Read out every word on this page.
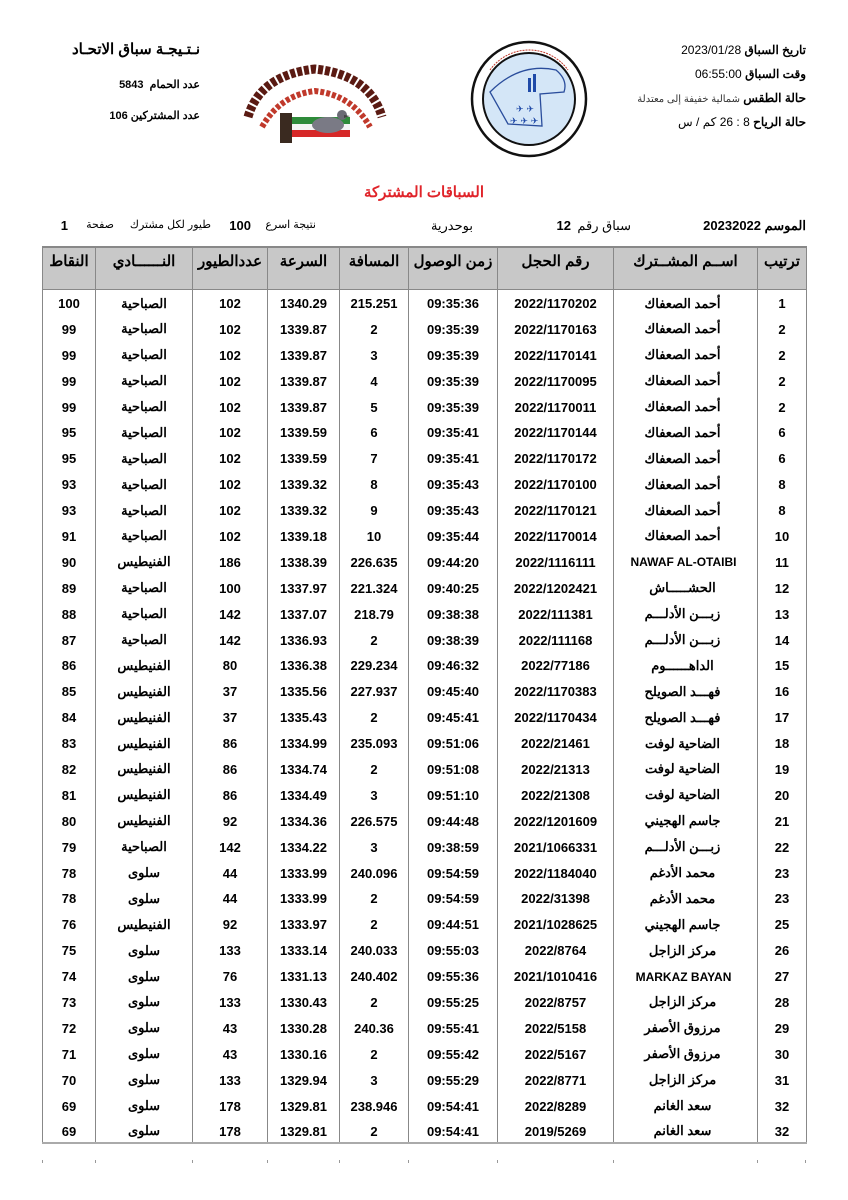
نـتـيجـة سباق الاتحـاد
عدد الحمام  5843
عدد المشتركين 106	✈ ✈
✈ ✈ ✈
تاريخ السباق 2023/01/28
وقت السباق 06:55:00
حالة الطقس شمالية خفيفة إلى معتدلة
حالة الرياح 8 : 26 كم / س
السباقات المشتركة
الموسم 20232022
سباق رقم
12
بوحدرية
نتيجة اسرع
100
طيور لكل مشترك
صفحة
1
ترتيب	اســم المشــترك	رقم الحجل	زمن الوصول	المسافة	السرعة	عددالطيور	النــــــادي	النقاط
1	أحمد الصعفاك	2022/1170202	09:35:36	215.251	1340.29	102	الصباحية	100
2	أحمد الصعفاك	2022/1170163	09:35:39	2	1339.87	102	الصباحية	99
2	أحمد الصعفاك	2022/1170141	09:35:39	3	1339.87	102	الصباحية	99
2	أحمد الصعفاك	2022/1170095	09:35:39	4	1339.87	102	الصباحية	99
2	أحمد الصعفاك	2022/1170011	09:35:39	5	1339.87	102	الصباحية	99
6	أحمد الصعفاك	2022/1170144	09:35:41	6	1339.59	102	الصباحية	95
6	أحمد الصعفاك	2022/1170172	09:35:41	7	1339.59	102	الصباحية	95
8	أحمد الصعفاك	2022/1170100	09:35:43	8	1339.32	102	الصباحية	93
8	أحمد الصعفاك	2022/1170121	09:35:43	9	1339.32	102	الصباحية	93
10	أحمد الصعفاك	2022/1170014	09:35:44	10	1339.18	102	الصباحية	91
11	NAWAF AL-OTAIBI	2022/1116111	09:44:20	226.635	1338.39	186	الفنيطيس	90
12	الحشـــــاش	2022/1202421	09:40:25	221.324	1337.97	100	الصباحية	89
13	زبـــن الأدلـــم	2022/111381	09:38:38	218.79	1337.07	142	الصباحية	88
14	زبـــن الأدلـــم	2022/111168	09:38:39	2	1336.93	142	الصباحية	87
15	الداهــــــوم	2022/77186	09:46:32	229.234	1336.38	80	الفنيطيس	86
16	فهـــد الصويلح	2022/1170383	09:45:40	227.937	1335.56	37	الفنيطيس	85
17	فهـــد الصويلح	2022/1170434	09:45:41	2	1335.43	37	الفنيطيس	84
18	الضاحية لوفت	2022/21461	09:51:06	235.093	1334.99	86	الفنيطيس	83
19	الضاحية لوفت	2022/21313	09:51:08	2	1334.74	86	الفنيطيس	82
20	الضاحية لوفت	2022/21308	09:51:10	3	1334.49	86	الفنيطيس	81
21	جاسم الهجيني	2022/1201609	09:44:48	226.575	1334.36	92	الفنيطيس	80
22	زبـــن الأدلـــم	2021/1066331	09:38:59	3	1334.22	142	الصباحية	79
23	محمد الأدغم	2022/1184040	09:54:59	240.096	1333.99	44	سلوى	78
23	محمد الأدغم	2022/31398	09:54:59	2	1333.99	44	سلوى	78
25	جاسم الهجيني	2021/1028625	09:44:51	2	1333.97	92	الفنيطيس	76
26	مركز الزاجل	2022/8764	09:55:03	240.033	1333.14	133	سلوى	75
27	MARKAZ BAYAN	2021/1010416	09:55:36	240.402	1331.13	76	سلوى	74
28	مركز الزاجل	2022/8757	09:55:25	2	1330.43	133	سلوى	73
29	مرزوق الأصفر	2022/5158	09:55:41	240.36	1330.28	43	سلوى	72
30	مرزوق الأصفر	2022/5167	09:55:42	2	1330.16	43	سلوى	71
31	مركز الزاجل	2022/8771	09:55:29	3	1329.94	133	سلوى	70
32	سعد الغانم	2022/8289	09:54:41	238.946	1329.81	178	سلوى	69
32	سعد الغانم	2019/5269	09:54:41	2	1329.81	178	سلوى	69
